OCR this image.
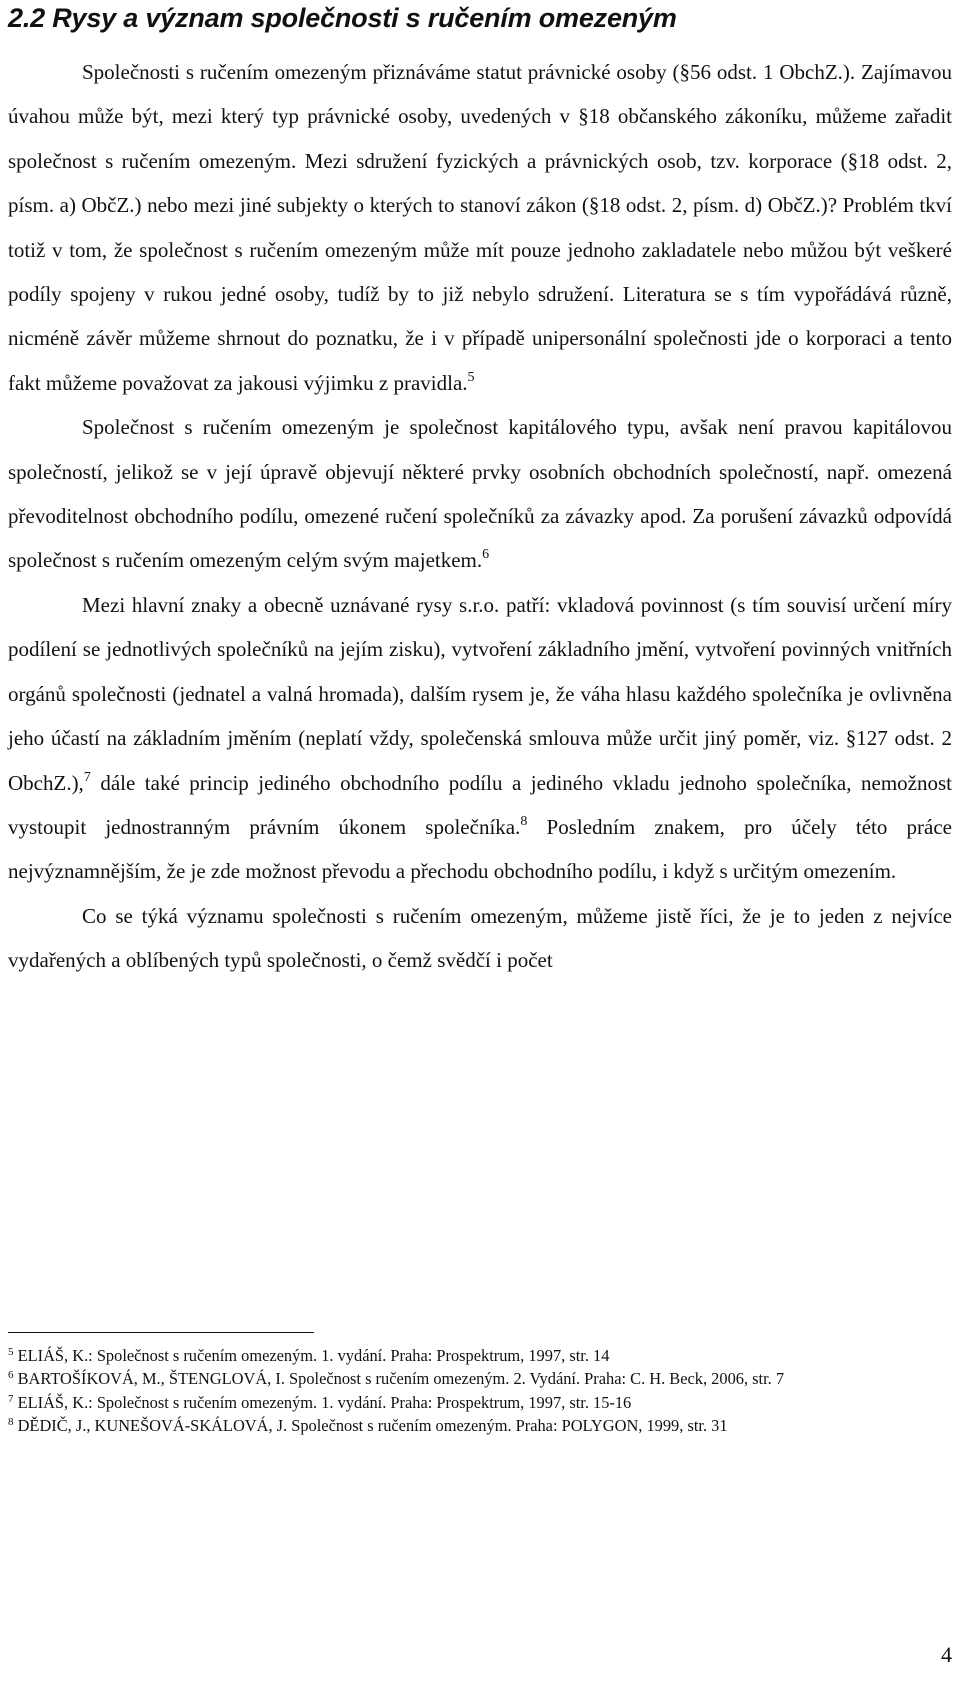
2.2 Rysy a význam společnosti s ručením omezeným

Společnosti s ručením omezeným přiznáváme statut právnické osoby (§56 odst. 1 ObchZ.). Zajímavou úvahou může být, mezi který typ právnické osoby, uvedených v §18 občanského zákoníku, můžeme zařadit společnost s ručením omezeným. Mezi sdružení fyzických a právnických osob, tzv. korporace (§18 odst. 2, písm. a) ObčZ.) nebo mezi jiné subjekty o kterých to stanoví zákon (§18 odst. 2, písm. d) ObčZ.)? Problém tkví totiž v tom, že společnost s ručením omezeným může mít pouze jednoho zakladatele nebo můžou být veškeré podíly spojeny v rukou jedné osoby, tudíž by to již nebylo sdružení. Literatura se s tím vypořádává různě, nicméně závěr můžeme shrnout do poznatku, že i v případě unipersonální společnosti jde o korporaci a tento fakt můžeme považovat za jakousi výjimku z pravidla.$^5$

Společnost s ručením omezeným je společnost kapitálového typu, avšak není pravou kapitálovou společností, jelikož se v její úpravě objevují některé prvky osobních obchodních společností, např. omezená převoditelnost obchodního podílu, omezené ručení společníků za závazky apod. Za porušení závazků odpovídá společnost s ručením omezeným celým svým majetkem.$^6$

Mezi hlavní znaky a obecně uznávané rysy s.r.o. patří: vkladová povinnost (s tím souvisí určení míry podílení se jednotlivých společníků na jejím zisku), vytvoření základního jmění, vytvoření povinných vnitřních orgánů společnosti (jednatel a valná hromada), dalším rysem je, že váha hlasu každého společníka je ovlivněna jeho účastí na základním jměním (neplatí vždy, společenská smlouva může určit jiný poměr, viz. §127 odst. 2 ObchZ.),$^7$ dále také princip jediného obchodního podílu a jediného vkladu jednoho společníka, nemožnost vystoupit jednostranným právním úkonem společníka.$^8$ Posledním znakem, pro účely této práce nejvýznamnějším, že je zde možnost převodu a přechodu obchodního podílu, i když s určitým omezením.

Co se týká významu společnosti s ručením omezeným, můžeme jistě říci, že je to jeden z nejvíce vydařených a oblíbených typů společnosti, o čemž svědčí i počet

$^5$ ELIÁŠ, K.: Společnost s ručením omezeným. 1. vydání. Praha: Prospektrum, 1997, str. 14

$^6$ BARTOŠÍKOVÁ, M., ŠTENGLOVÁ, I. Společnost s ručením omezeným. 2. Vydání. Praha: C. H. Beck, 2006, str. 7

$^7$ ELIÁŠ, K.: Společnost s ručením omezeným. 1. vydání. Praha: Prospektrum, 1997, str. 15-16

$^8$ DĚDIČ, J., KUNEŠOVÁ-SKÁLOVÁ, J. Společnost s ručením omezeným. Praha: POLYGON, 1999, str. 31

4
